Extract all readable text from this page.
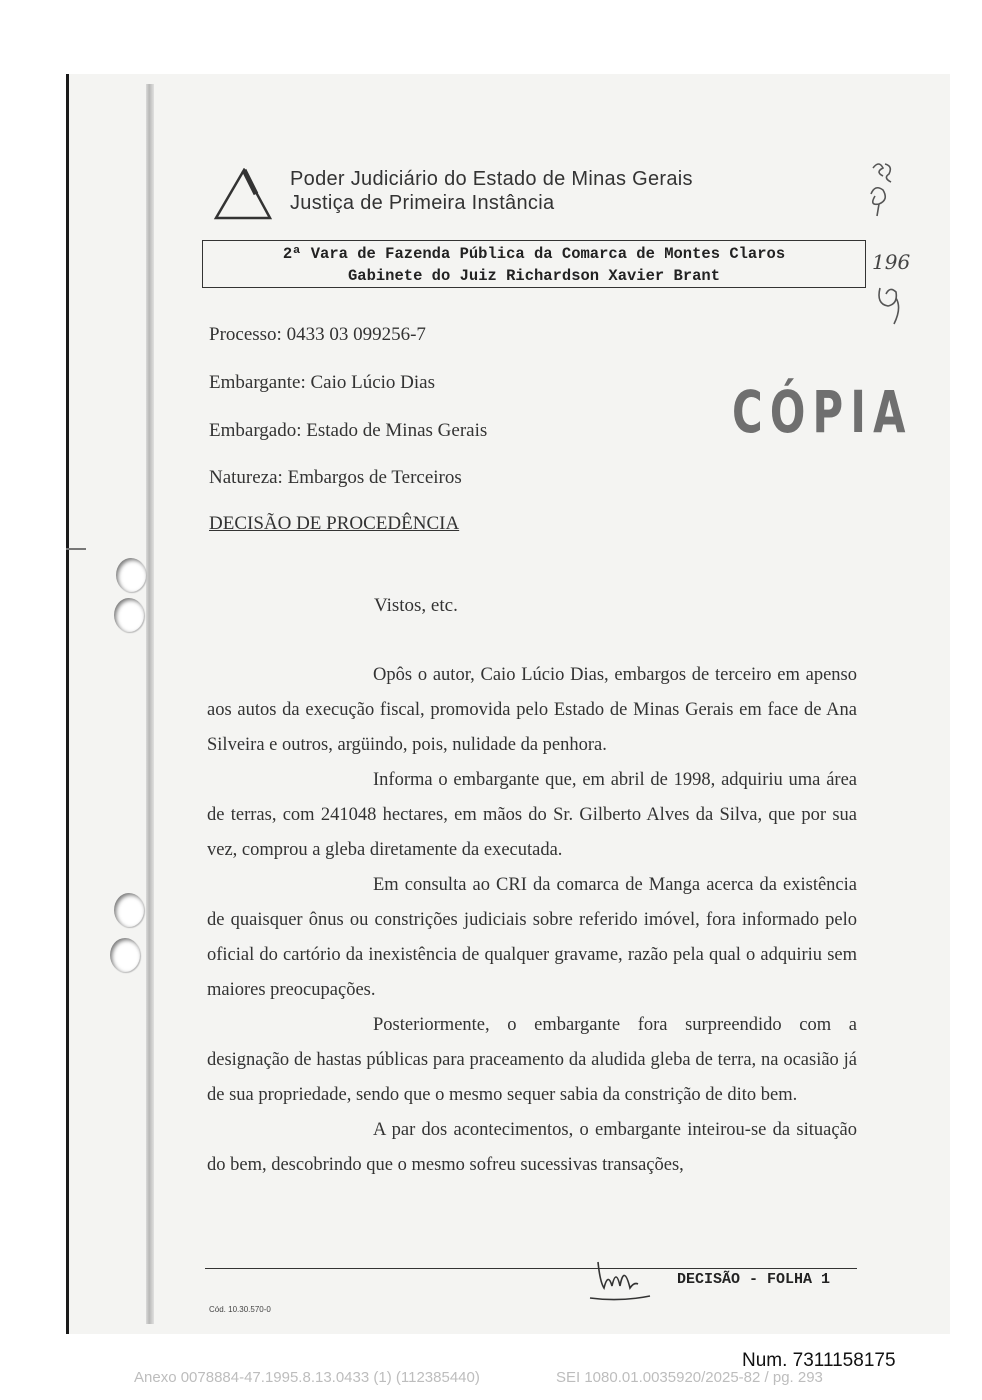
Poder Judiciário do Estado de Minas Gerais
Justiça de Primeira Instância
2ª Vara de Fazenda Pública da Comarca de Montes Claros
Gabinete do Juiz Richardson Xavier Brant
196
Processo: 0433 03 099256-7
Embargante: Caio Lúcio Dias
Embargado: Estado de Minas Gerais
Natureza: Embargos de Terceiros
CÓPIA
DECISÃO DE PROCEDÊNCIA
Vistos, etc.

Opôs o autor, Caio Lúcio Dias, embargos de terceiro em apenso aos autos da execução fiscal, promovida pelo Estado de Minas Gerais em face de Ana Silveira e outros, argüindo, pois, nulidade da penhora.

Informa o embargante que, em abril de 1998, adquiriu uma área de terras, com 241048 hectares, em mãos do Sr. Gilberto Alves da Silva, que por sua vez, comprou a gleba diretamente da executada.

Em consulta ao CRI da comarca de Manga acerca da existência de quaisquer ônus ou constrições judiciais sobre referido imóvel, fora informado pelo oficial do cartório da inexistência de qualquer gravame, razão pela qual o adquiriu sem maiores preocupações.

Posteriormente, o embargante fora surpreendido com a designação de hastas públicas para praceamento da aludida gleba de terra, na ocasião já de sua propriedade, sendo que o mesmo sequer sabia da constrição de dito bem.

A par dos acontecimentos, o embargante inteirou-se da situação do bem, descobrindo que o mesmo sofreu sucessivas transações,

DECISÃO - FOLHA 1
Cód. 10.30.570-0
Num. 7311158175
Anexo 0078884-47.1995.8.13.0433 (1) (112385440)	SEI 1080.01.0035920/2025-82 / pg. 293
